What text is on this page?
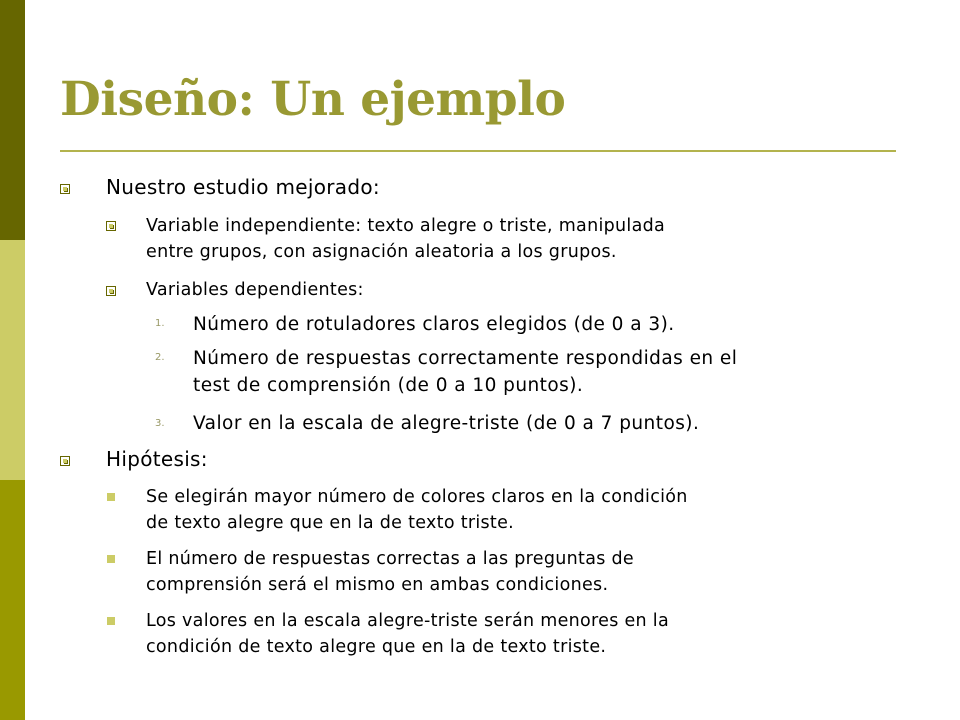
Diseño: Un ejemplo
Nuestro estudio mejorado:
Variable independiente: texto alegre o triste, manipulada
entre grupos, con asignación aleatoria a los grupos.
Variables dependientes:
1. Número de rotuladores claros elegidos (de 0 a 3).
2. Número de respuestas correctamente respondidas en el
test de comprensión (de 0 a 10 puntos).
3. Valor en la escala de alegre-triste (de 0 a 7 puntos).
Hipótesis:
Se elegirán mayor número de colores claros en la condición
de texto alegre que en la de texto triste.
El número de respuestas correctas a las preguntas de
comprensión será el mismo en ambas condiciones.
Los valores en la escala alegre-triste serán menores en la
condición de texto alegre que en la de texto triste.
